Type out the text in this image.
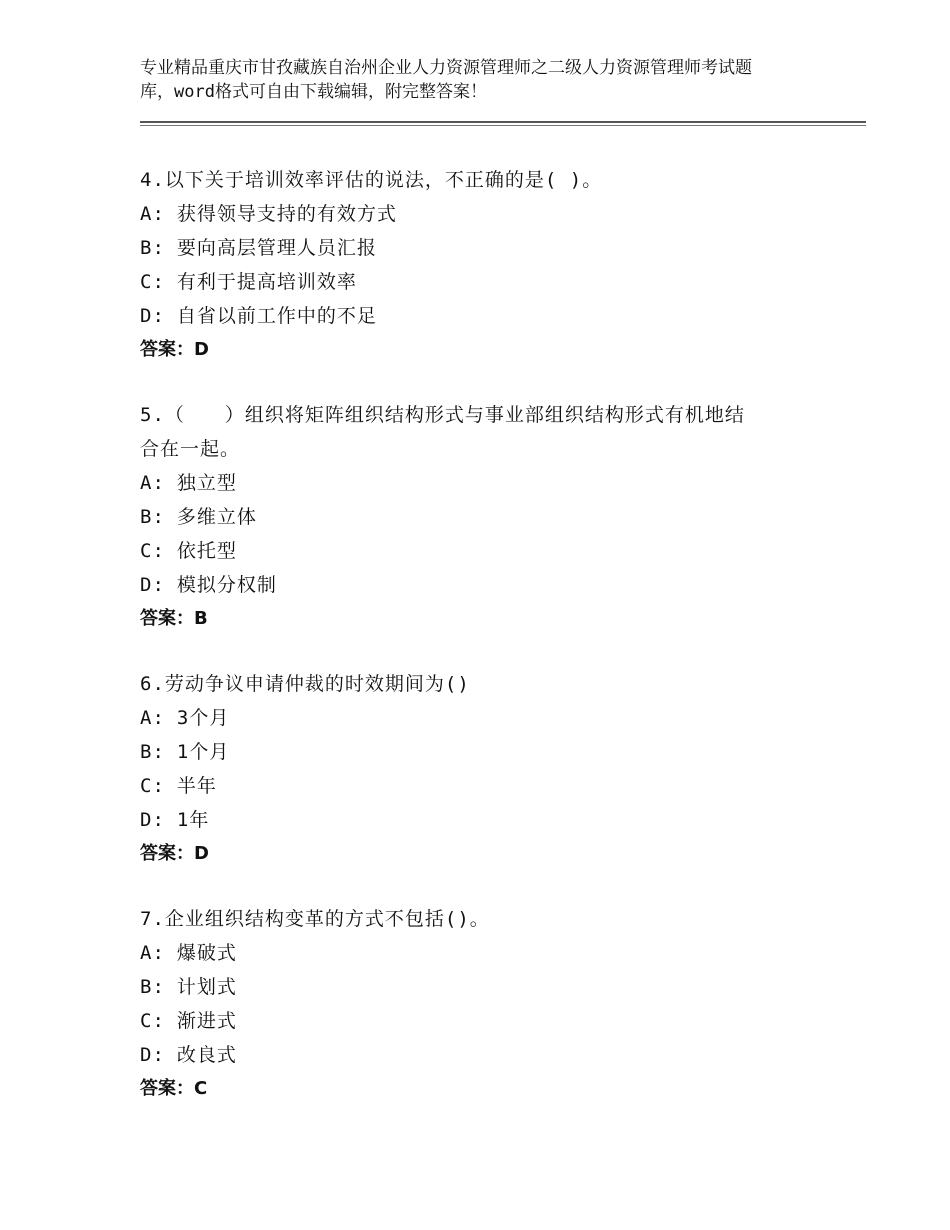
专业精品重庆市甘孜藏族自治州企业人力资源管理师之二级人力资源管理师考试题
库，word格式可自由下载编辑，附完整答案！
4.以下关于培训效率评估的说法，不正确的是( )。
A: 获得领导支持的有效方式
B: 要向高层管理人员汇报
C: 有利于提高培训效率
D: 自省以前工作中的不足
答案：D
5.（　　）组织将矩阵组织结构形式与事业部组织结构形式有机地结
合在一起。
A: 独立型
B: 多维立体
C: 依托型
D: 模拟分权制
答案：B
6.劳动争议申请仲裁的时效期间为()
A: 3个月
B: 1个月
C: 半年
D: 1年
答案：D
7.企业组织结构变革的方式不包括()。
A: 爆破式
B: 计划式
C: 渐进式
D: 改良式
答案：C
